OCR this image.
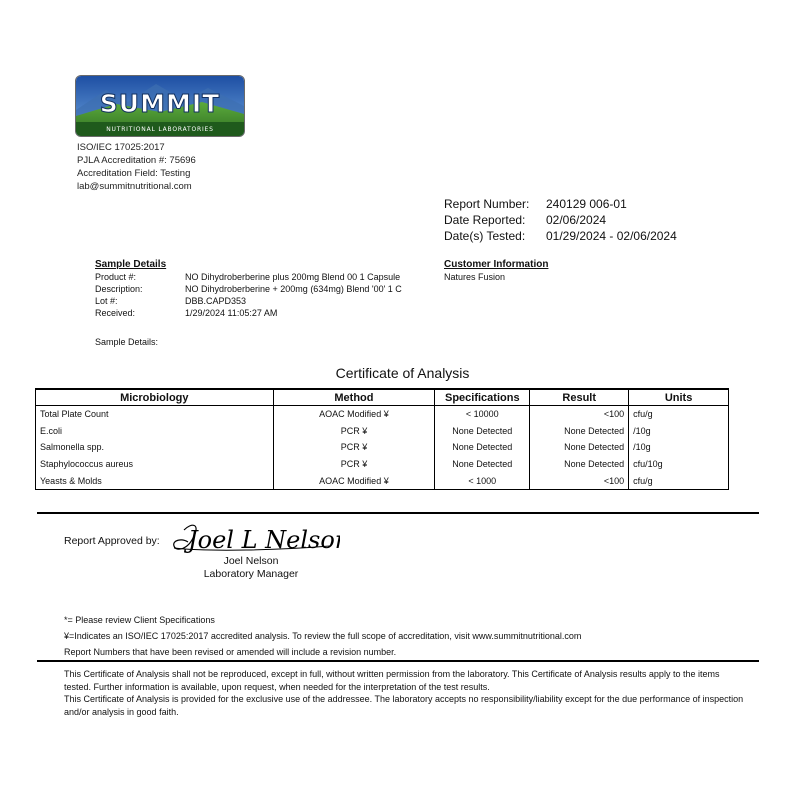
SUMMIT
NUTRITIONAL LABORATORIES
ISO/IEC 17025:2017
PJLA Accreditation #: 75696
Accreditation Field: Testing
lab@summitnutritional.com
Report Number:	240129 006-01
Date Reported:	02/06/2024
Date(s) Tested:	01/29/2024 - 02/06/2024
Sample Details
Product #:	NO Dihydroberberine plus 200mg Blend 00 1 Capsule
Description:	NO Dihydroberberine + 200mg (634mg) Blend '00' 1 C
Lot #:	DBB.CAPD353
Received:	1/29/2024 11:05:27 AM
Customer Information
Natures Fusion
Sample Details:
Certificate of Analysis
Microbiology	Method	Specifications	Result	Units
Total Plate Count	AOAC Modified ¥	< 10000	<100	cfu/g
E.coli	PCR ¥	None Detected	None Detected	/10g
Salmonella spp.	PCR ¥	None Detected	None Detected	/10g
Staphylococcus aureus	PCR ¥	None Detected	None Detected	cfu/10g
Yeasts & Molds	AOAC Modified ¥	< 1000	<100	cfu/g
Report Approved by: Joel L Nelson
Joel Nelson
Laboratory Manager
*= Please review Client Specifications
¥=Indicates an ISO/IEC 17025:2017 accredited analysis. To review the full scope of accreditation, visit www.summitnutritional.com
Report Numbers that have been revised or amended will include a revision number.
This Certificate of Analysis shall not be reproduced, except in full, without written permission from the laboratory. This Certificate of Analysis results apply to the items tested. Further information is available, upon request, when needed for the interpretation of the test results.
This Certificate of Analysis is provided for the exclusive use of the addressee. The laboratory accepts no responsibility/liability except for the due performance of inspection and/or analysis in good faith.
